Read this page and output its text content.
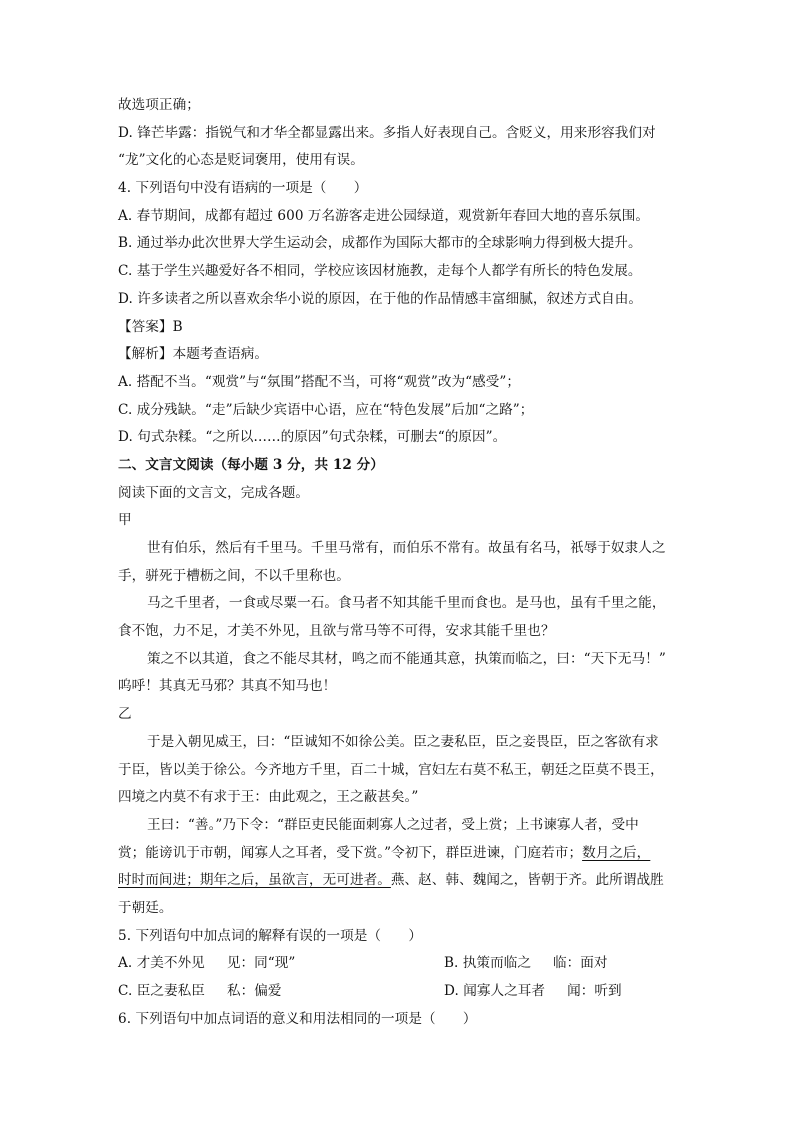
故选项正确；
D. 锋芒毕露：指锐气和才华全都显露出来。多指人好表现自己。含贬义，用来形容我们对
“龙”文化的心态是贬词褒用，使用有误。
4. 下列语句中没有语病的一项是（　　）
A. 春节期间，成都有超过 600 万名游客走进公园绿道，观赏新年春回大地的喜乐氛围。
B. 通过举办此次世界大学生运动会，成都作为国际大都市的全球影响力得到极大提升。
C. 基于学生兴趣爱好各不相同，学校应该因材施教，走每个人都学有所长的特色发展。
D. 许多读者之所以喜欢余华小说的原因，在于他的作品情感丰富细腻，叙述方式自由。
【答案】B
【解析】本题考查语病。
A. 搭配不当。“观赏”与“氛围”搭配不当，可将“观赏”改为“感受”；
C. 成分残缺。“走”后缺少宾语中心语，应在“特色发展”后加“之路”；
D. 句式杂糅。“之所以……的原因”句式杂糅，可删去“的原因”。
二、文言文阅读（每小题 3 分，共 12 分）
阅读下面的文言文，完成各题。
甲
世有伯乐，然后有千里马。千里马常有，而伯乐不常有。故虽有名马，祇辱于奴隶人之
手，骈死于槽枥之间，不以千里称也。
马之千里者，一食或尽粟一石。食马者不知其能千里而食也。是马也，虽有千里之能，
食不饱，力不足，才美不外见，且欲与常马等不可得，安求其能千里也？
策之不以其道，食之不能尽其材，鸣之而不能通其意，执策而临之，曰：“天下无马！”
呜呼！其真无马邪？其真不知马也！
乙
于是入朝见威王，曰：“臣诚知不如徐公美。臣之妻私臣，臣之妾畏臣，臣之客欲有求
于臣，皆以美于徐公。今齐地方千里，百二十城，宫妇左右莫不私王，朝廷之臣莫不畏王，
四境之内莫不有求于王：由此观之，王之蔽甚矣。”
王曰：“善。”乃下令：“群臣吏民能面刺寡人之过者，受上赏；上书谏寡人者，受中
赏；能谤讥于市朝，闻寡人之耳者，受下赏。”令初下，群臣进谏，门庭若市；数月之后，
时时而间进；期年之后，虽欲言，无可进者。燕、赵、韩、魏闻之，皆朝于齐。此所谓战胜
于朝廷。
5. 下列语句中加点词的解释有误的一项是（　　）
A. 才美不外见 见：同“现”	B. 执策而临之 临：面对
C. 臣之妻私臣 私：偏爱	D. 闻寡人之耳者 闻：听到
6. 下列语句中加点词语的意义和用法相同的一项是（　　）
